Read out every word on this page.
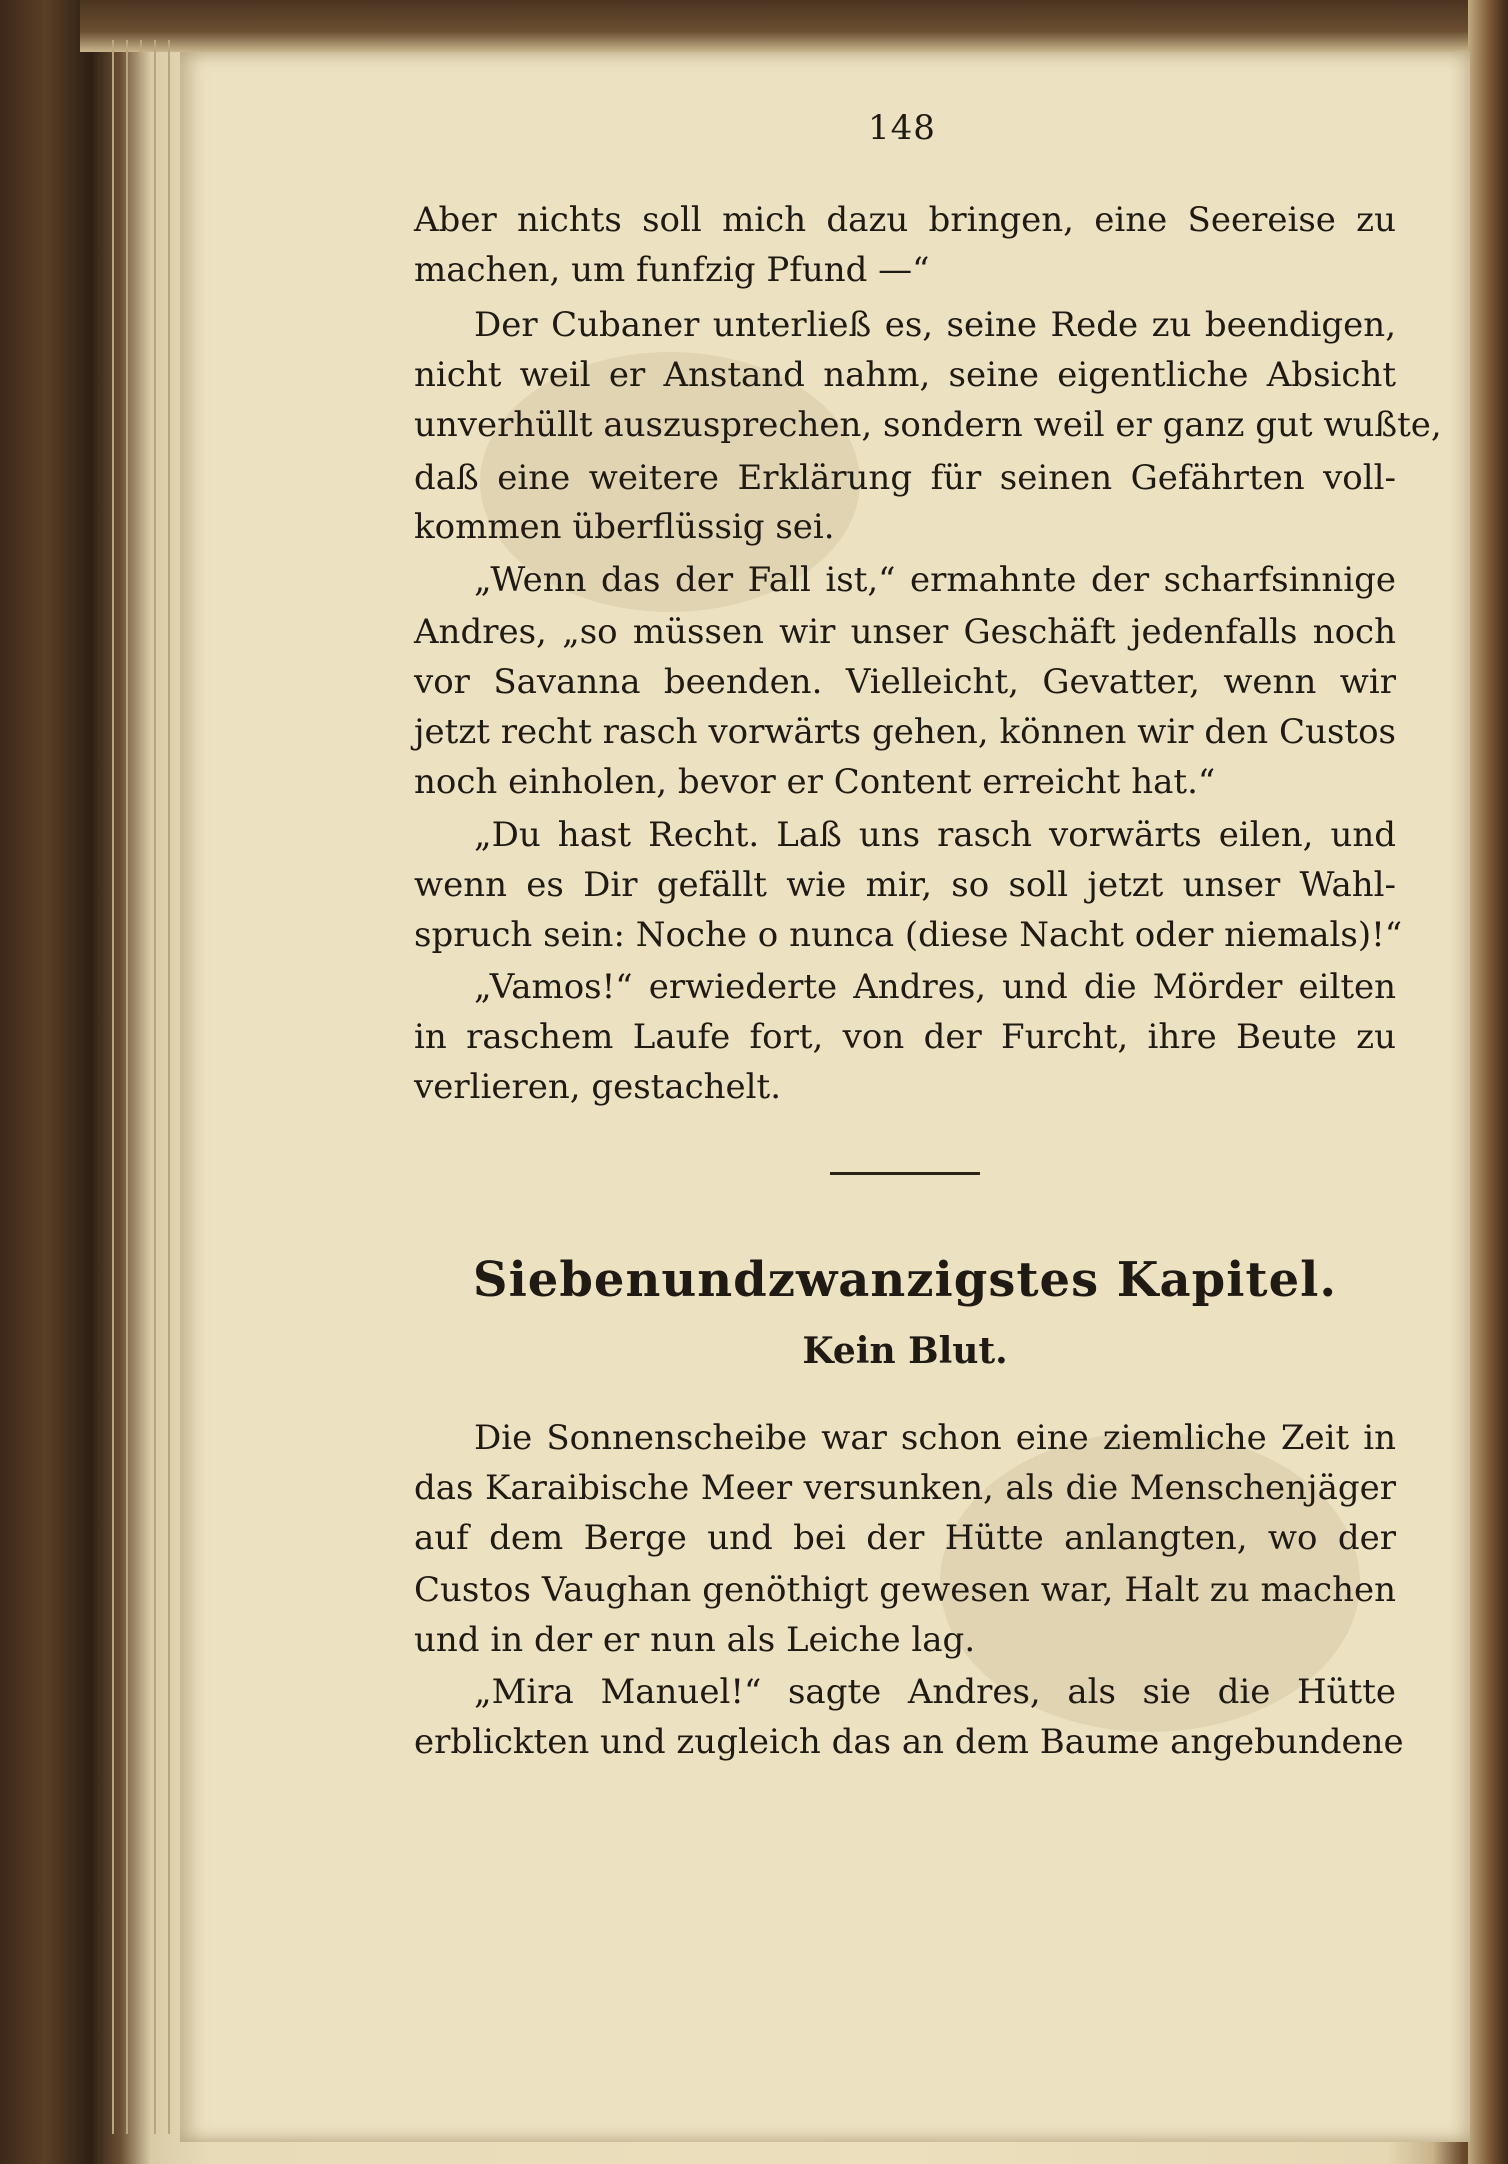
148
Aber nichts soll mich dazu bringen, eine Seereise zu
machen, um funfzig Pfund —“
Der Cubaner unterließ es, seine Rede zu beendigen,
nicht weil er Anstand nahm, seine eigentliche Absicht
unverhüllt auszusprechen, sondern weil er ganz gut wußte,
daß eine weitere Erklärung für seinen Gefährten voll-
kommen überflüssig sei.
„Wenn das der Fall ist,“ ermahnte der scharfsinnige
Andres, „so müssen wir unser Geschäft jedenfalls noch
vor Savanna beenden. Vielleicht, Gevatter, wenn wir
jetzt recht rasch vorwärts gehen, können wir den Custos
noch einholen, bevor er Content erreicht hat.“
„Du hast Recht. Laß uns rasch vorwärts eilen, und
wenn es Dir gefällt wie mir, so soll jetzt unser Wahl-
spruch sein: Noche o nunca (diese Nacht oder niemals)!“
„Vamos!“ erwiederte Andres, und die Mörder eilten
in raschem Laufe fort, von der Furcht, ihre Beute zu
verlieren, gestachelt.
Siebenundzwanzigstes Kapitel.
Kein Blut.
Die Sonnenscheibe war schon eine ziemliche Zeit in
das Karaibische Meer versunken, als die Menschenjäger
auf dem Berge und bei der Hütte anlangten, wo der
Custos Vaughan genöthigt gewesen war, Halt zu machen
und in der er nun als Leiche lag.
„Mira Manuel!“ sagte Andres, als sie die Hütte
erblickten und zugleich das an dem Baume angebundene
